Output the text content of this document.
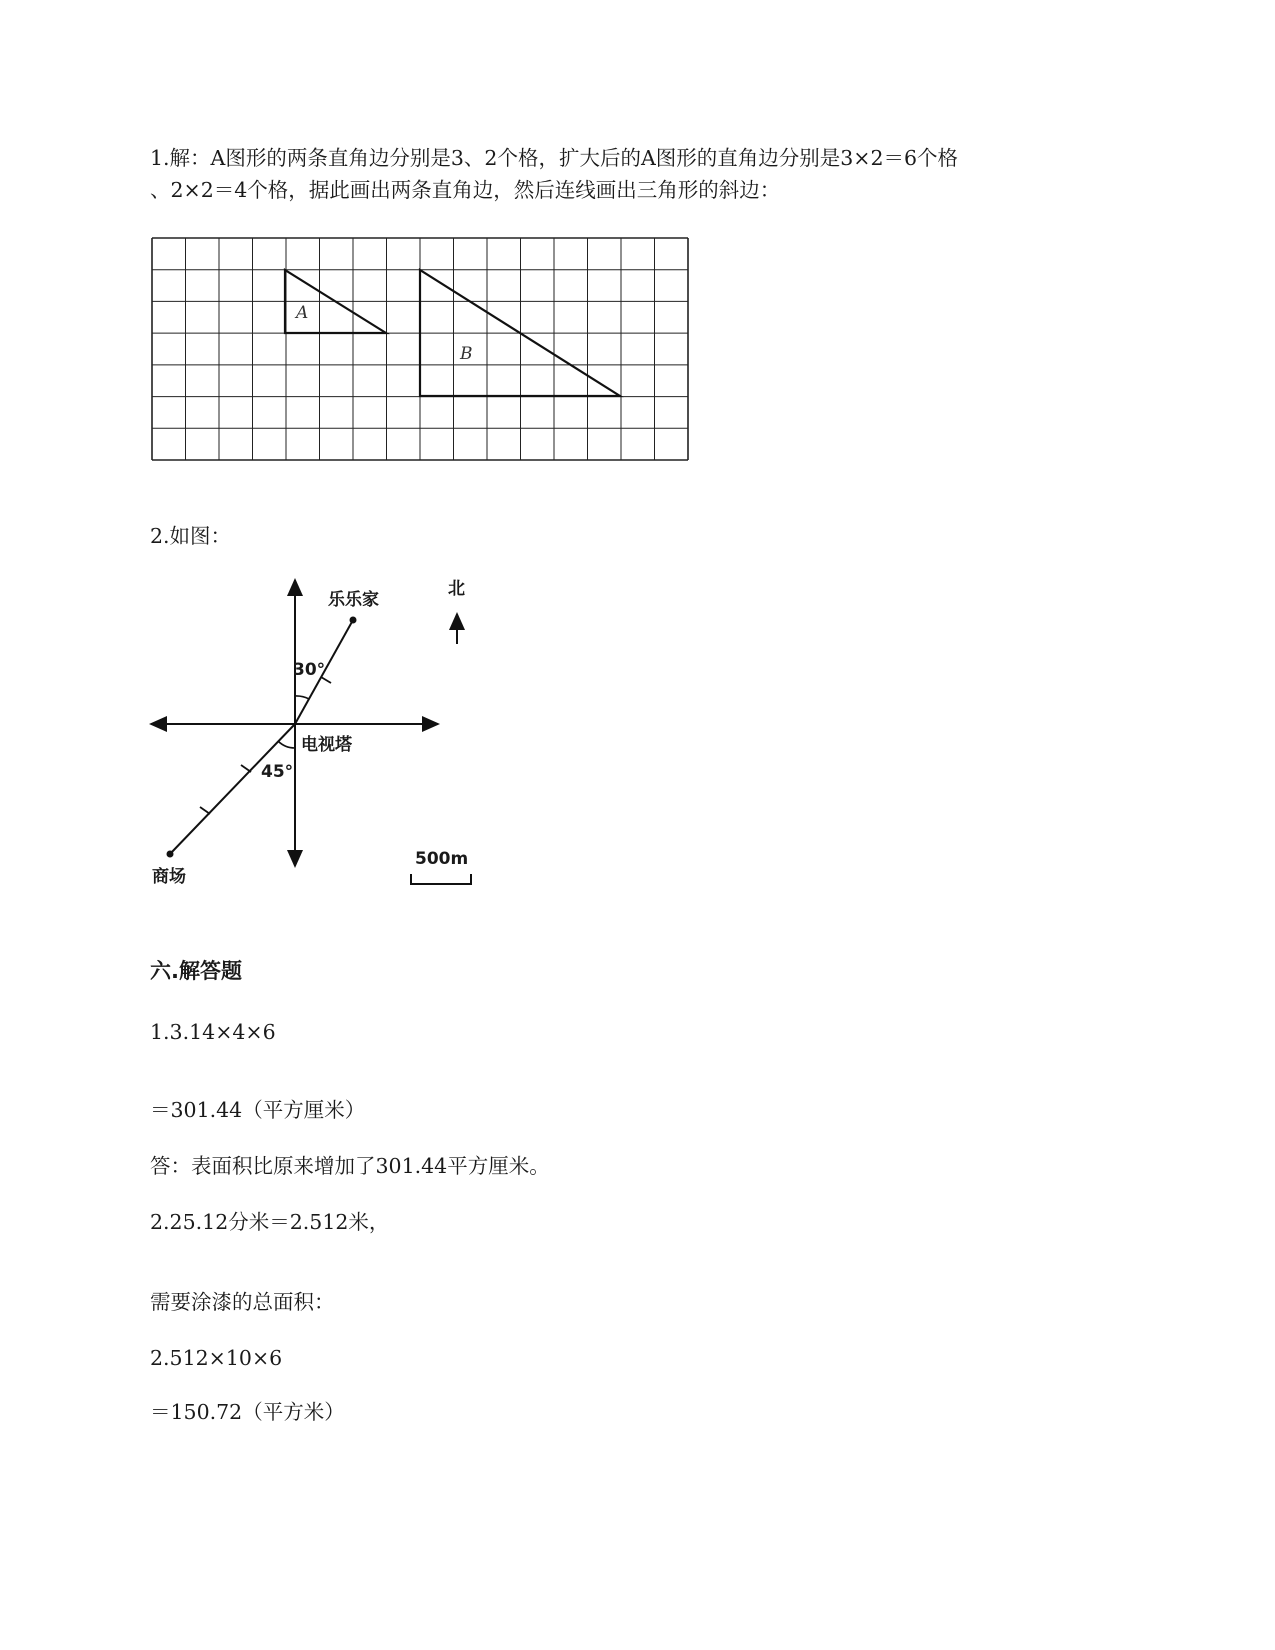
1.解：A图形的两条直角边分别是3、2个格，扩大后的A图形的直角边分别是3×2＝6个格
、2×2＝4个格，据此画出两条直角边，然后连线画出三角形的斜边：
A
B
2.如图：
30°
45°
乐乐家
电视塔
商场
北
500m
六.解答题
1.3.14×4×6
＝301.44（平方厘米）
答：表面积比原来增加了301.44平方厘米。
2.25.12分米＝2.512米，
需要涂漆的总面积：
2.512×10×6
＝150.72（平方米）
